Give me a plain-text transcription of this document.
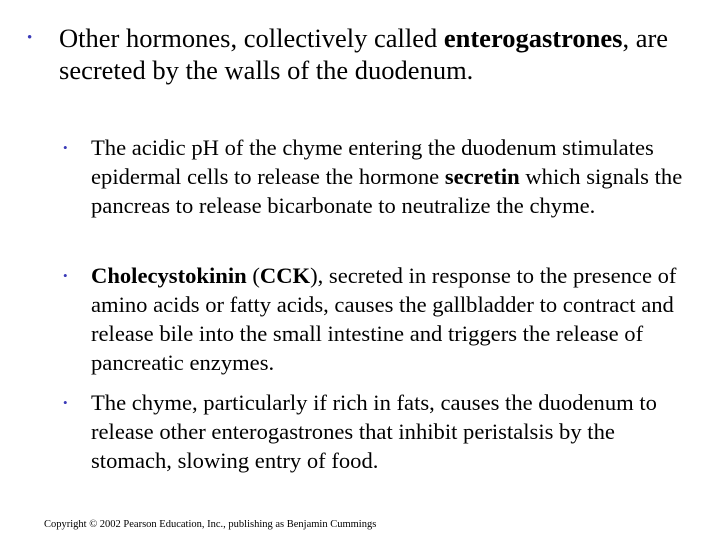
• Other hormones, collectively called enterogastrones, are secreted by the walls of the duodenum.
• The acidic pH of the chyme entering the duodenum stimulates epidermal cells to release the hormone secretin which signals the pancreas to release bicarbonate to neutralize the chyme.
• Cholecystokinin (CCK), secreted in response to the presence of amino acids or fatty acids, causes the gallbladder to contract and release bile into the small intestine and triggers the release of pancreatic enzymes.
• The chyme, particularly if rich in fats, causes the duodenum to release other enterogastrones that inhibit peristalsis by the stomach, slowing entry of food.
Copyright © 2002 Pearson Education, Inc., publishing as Benjamin Cummings
